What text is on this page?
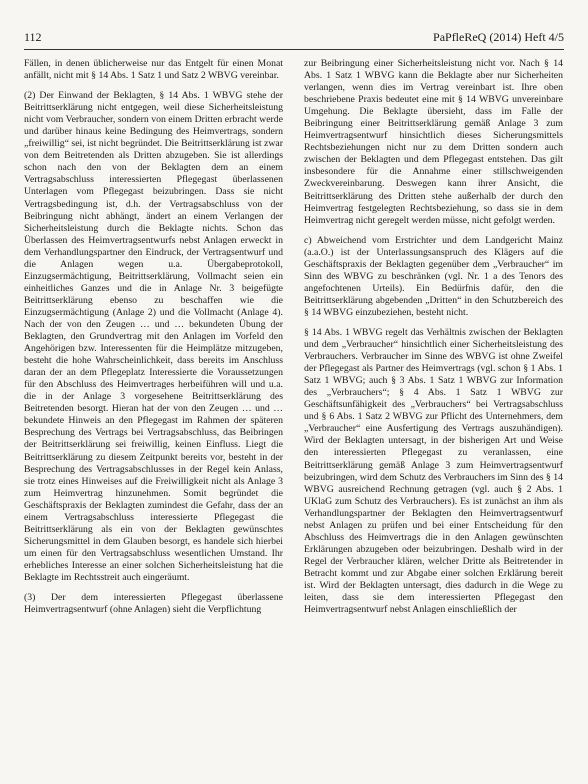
112	PaPfleReQ (2014) Heft 4/5

Fällen, in denen üblicherweise nur das Entgelt für einen Monat anfällt, nicht mit § 14 Abs. 1 Satz 1 und Satz 2 WBVG vereinbar.

(2) Der Einwand der Beklagten, § 14 Abs. 1 WBVG stehe der Beitrittserklärung nicht entgegen, weil diese Sicherheitsleistung nicht vom Verbraucher, sondern von einem Dritten erbracht werde und darüber hinaus keine Bedingung des Heimvertrags, sondern „freiwillig“ sei, ist nicht begründet. Die Beitrittserklärung ist zwar von dem Beitretenden als Dritten abzugeben. Sie ist allerdings schon nach den von der Beklagten dem an einem Vertragsabschluss interessierten Pflegegast überlassenen Unterlagen vom Pflegegast beizubringen. Dass sie nicht Vertragsbedingung ist, d.h. der Vertragsabschluss von der Beibringung nicht abhängt, ändert an einem Verlangen der Sicherheitsleistung durch die Beklagte nichts. Schon das Überlassen des Heimvertragsentwurfs nebst Anlagen erweckt in dem Verhandlungspartner den Eindruck, der Vertragsentwurf und die Anlagen wegen u.a. Übergabeprotokoll, Einzugsermächtigung, Beitrittserklärung, Vollmacht seien ein einheitliches Ganzes und die in Anlage Nr. 3 beigefügte Beitrittserklärung ebenso zu beschaffen wie die Einzugsermächtigung (Anlage 2) und die Vollmacht (Anlage 4). Nach der von den Zeugen … und … bekundeten Übung der Beklagten, den Grundvertrag mit den Anlagen im Vorfeld den Angehörigen bzw. Interessenten für die Heimplätze mitzugeben, besteht die hohe Wahrscheinlichkeit, dass bereits im Anschluss daran der an dem Pflegeplatz Interessierte die Voraussetzungen für den Abschluss des Heimvertrages herbeiführen will und u.a. die in der Anlage 3 vorgesehene Beitrittserklärung des Beitretenden besorgt. Hieran hat der von den Zeugen … und … bekundete Hinweis an den Pflegegast im Rahmen der späteren Besprechung des Vertrags bei Vertragsabschluss, das Beibringen der Beitrittserklärung sei freiwillig, keinen Einfluss. Liegt die Beitrittserklärung zu diesem Zeitpunkt bereits vor, besteht in der Besprechung des Vertragsabschlusses in der Regel kein Anlass, sie trotz eines Hinweises auf die Freiwilligkeit nicht als Anlage 3 zum Heimvertrag hinzunehmen. Somit begründet die Geschäftspraxis der Beklagten zumindest die Gefahr, dass der an einem Vertragsabschluss interessierte Pflegegast die Beitrittserklärung als ein von der Beklagten gewünschtes Sicherungsmittel in dem Glauben besorgt, es handele sich hierbei um einen für den Vertragsabschluss wesentlichen Umstand. Ihr erhebliches Interesse an einer solchen Sicherheitsleistung hat die Beklagte im Rechtsstreit auch eingeräumt.

(3) Der dem interessierten Pflegegast überlassene Heimvertragsentwurf (ohne Anlagen) sieht die Verpflichtung

zur Beibringung einer Sicherheitsleistung nicht vor. Nach § 14 Abs. 1 Satz 1 WBVG kann die Beklagte aber nur Sicherheiten verlangen, wenn dies im Vertrag vereinbart ist. Ihre oben beschriebene Praxis bedeutet eine mit § 14 WBVG unvereinbare Umgehung. Die Beklagte übersieht, dass im Falle der Beibringung einer Beitrittserklärung gemäß Anlage 3 zum Heimvertragsentwurf hinsichtlich dieses Sicherungsmittels Rechtsbeziehungen nicht nur zu dem Dritten sondern auch zwischen der Beklagten und dem Pflegegast entstehen. Das gilt insbesondere für die Annahme einer stillschweigenden Zweckvereinbarung. Deswegen kann ihrer Ansicht, die Beitrittserklärung des Dritten stehe außerhalb der durch den Heimvertrag festgelegten Rechtsbeziehung, so dass sie in dem Heimvertrag nicht geregelt werden müsse, nicht gefolgt werden.

c) Abweichend vom Erstrichter und dem Landgericht Mainz (a.a.O.) ist der Unterlassungsanspruch des Klägers auf die Geschäftspraxis der Beklagten gegenüber dem „Verbraucher“ im Sinn des WBVG zu beschränken (vgl. Nr. 1 a des Tenors des angefochtenen Urteils). Ein Bedürfnis dafür, den die Beitrittserklärung abgebenden „Dritten“ in den Schutzbereich des § 14 WBVG einzubeziehen, besteht nicht.

§ 14 Abs. 1 WBVG regelt das Verhältnis zwischen der Beklagten und dem „Verbraucher“ hinsichtlich einer Sicherheitsleistung des Verbrauchers. Verbraucher im Sinne des WBVG ist ohne Zweifel der Pflegegast als Partner des Heimvertrags (vgl. schon § 1 Abs. 1 Satz 1 WBVG; auch § 3 Abs. 1 Satz 1 WBVG zur Information des „Verbrauchers“; § 4 Abs. 1 Satz 1 WBVG zur Geschäftsunfähigkeit des „Verbrauchers“ bei Vertragsabschluss und § 6 Abs. 1 Satz 2 WBVG zur Pflicht des Unternehmers, dem „Verbraucher“ eine Ausfertigung des Vertrags auszuhändigen). Wird der Beklagten untersagt, in der bisherigen Art und Weise den interessierten Pflegegast zu veranlassen, eine Beitrittserklärung gemäß Anlage 3 zum Heimvertragsentwurf beizubringen, wird dem Schutz des Verbrauchers im Sinn des § 14 WBVG ausreichend Rechnung getragen (vgl. auch § 2 Abs. 1 UKlaG zum Schutz des Verbrauchers). Es ist zunächst an ihm als Verhandlungspartner der Beklagten den Heimvertragsentwurf nebst Anlagen zu prüfen und bei einer Entscheidung für den Abschluss des Heimvertrags die in den Anlagen gewünschten Erklärungen abzugeben oder beizubringen. Deshalb wird in der Regel der Verbraucher klären, welcher Dritte als Beitretender in Betracht kommt und zur Abgabe einer solchen Erklärung bereit ist. Wird der Beklagten untersagt, dies dadurch in die Wege zu leiten, dass sie dem interessierten Pflegegast den Heimvertragsentwurf nebst Anlagen einschließlich der
